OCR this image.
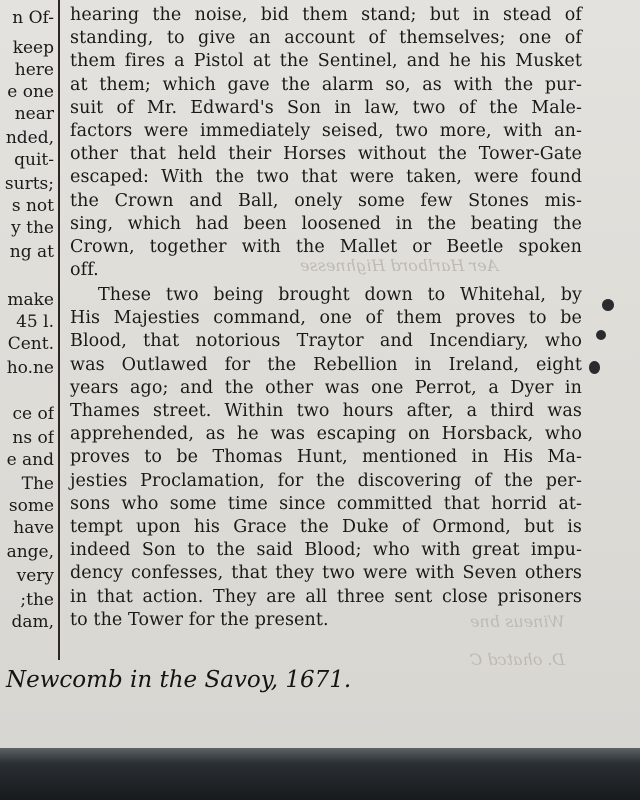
Aer Harlbord Highnesse
Wineus bne
D. ohatcd C
n Of-
keep
here
e one
near
nded,
quit-
surts;
s not
y the
ng at
make
45 l.
Cent.
ho.ne
ce of
ns of
e and
The
some
have
ange,
very
;the
dam,
hearing the noise, bid them stand; but in stead of
standing, to give an account of themselves; one of
them fires a Pistol at the Sentinel, and he his Musket
at them; which gave the alarm so, as with the pur-
suit of Mr. Edward's Son in law, two of the Male-
factors were immediately seised, two more, with an-
other that held their Horses without the Tower-Gate
escaped: With the two that were taken, were found
the Crown and Ball, onely some few Stones mis-
sing, which had been loosened in the beating the
Crown, together with the Mallet or Beetle spoken
off.
These two being brought down to Whitehal, by
His Majesties command, one of them proves to be
Blood, that notorious Traytor and Incendiary, who
was Outlawed for the Rebellion in Ireland, eight
years ago; and the other was one Perrot, a Dyer in
Thames street. Within two hours after, a third was
apprehended, as he was escaping on Horsback, who
proves to be Thomas Hunt, mentioned in His Ma-
jesties Proclamation, for the discovering of the per-
sons who some time since committed that horrid at-
tempt upon his Grace the Duke of Ormond, but is
indeed Son to the said Blood; who with great impu-
dency confesses, that they two were with Seven others
in that action. They are all three sent close prisoners
to the Tower for the present.
Newcomb in the Savoy, 1671.
